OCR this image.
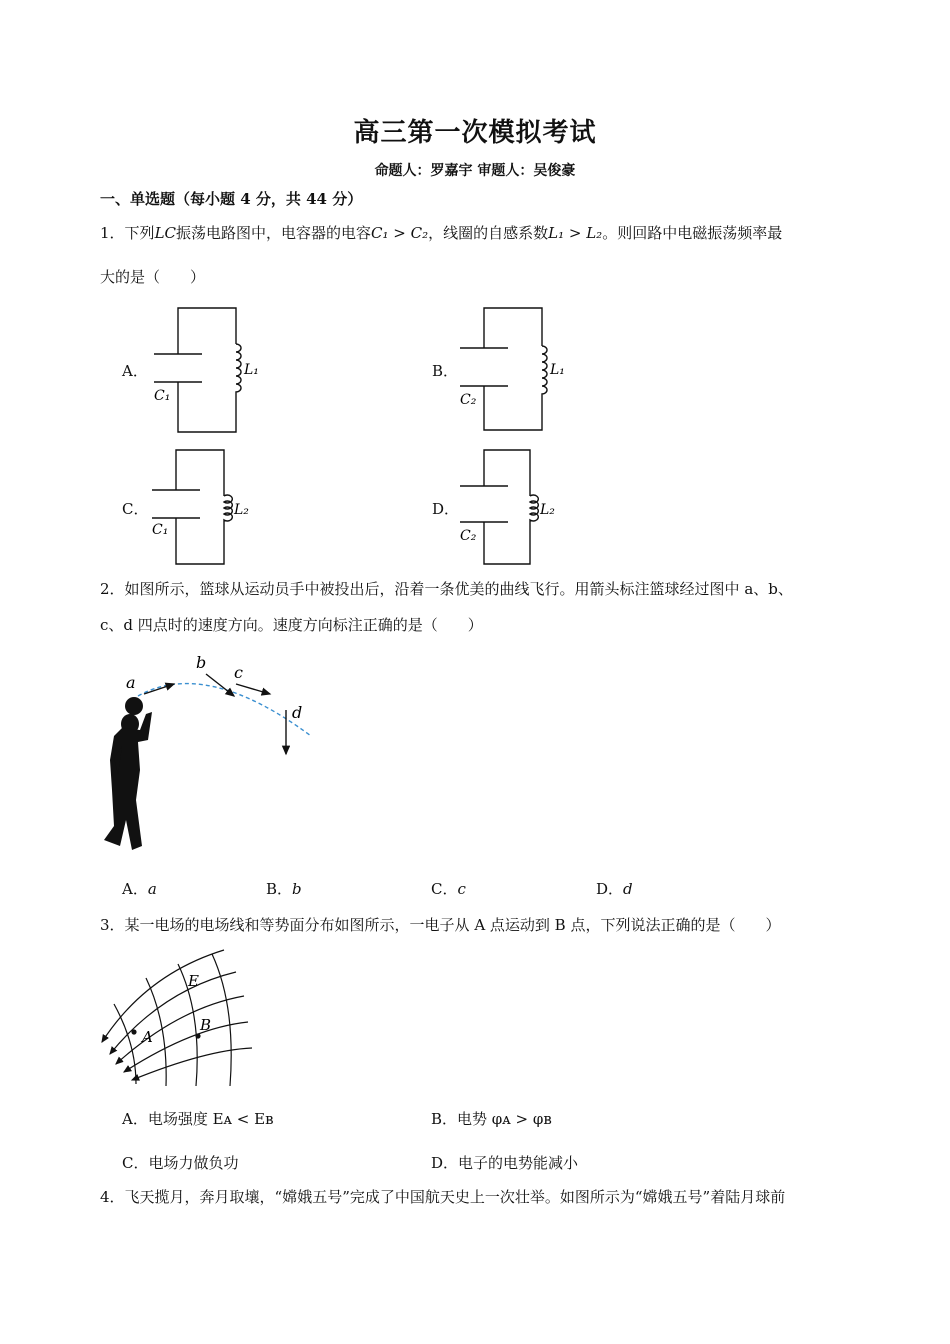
高三第一次模拟考试
命题人：罗嘉宇 审题人：吴俊豪
一、单选题（每小题 4 分，共 44 分）
1．下列LC振荡电路图中，电容器的电容C₁ > C₂，线圈的自感系数L₁ > L₂。则回路中电磁振荡频率最
大的是（　　）
A．	B．
C．	D．
L₁
C₁
L₁
C₂
L₂
C₁
L₂
C₂
2．如图所示，篮球从运动员手中被投出后，沿着一条优美的曲线飞行。用箭头标注篮球经过图中 a、b、
c、d 四点时的速度方向。速度方向标注正确的是（　　）
a
b
c
d
A．a	B．b	C．c	D．d
3．某一电场的电场线和等势面分布如图所示，一电子从 A 点运动到 B 点，下列说法正确的是（　　）
E
A
B
A．电场强度 Eᴀ < Eʙ	B．电势 φᴀ > φʙ
C．电场力做负功	D．电子的电势能减小
4．飞天揽月，奔月取壤，“嫦娥五号”完成了中国航天史上一次壮举。如图所示为“嫦娥五号”着陆月球前
